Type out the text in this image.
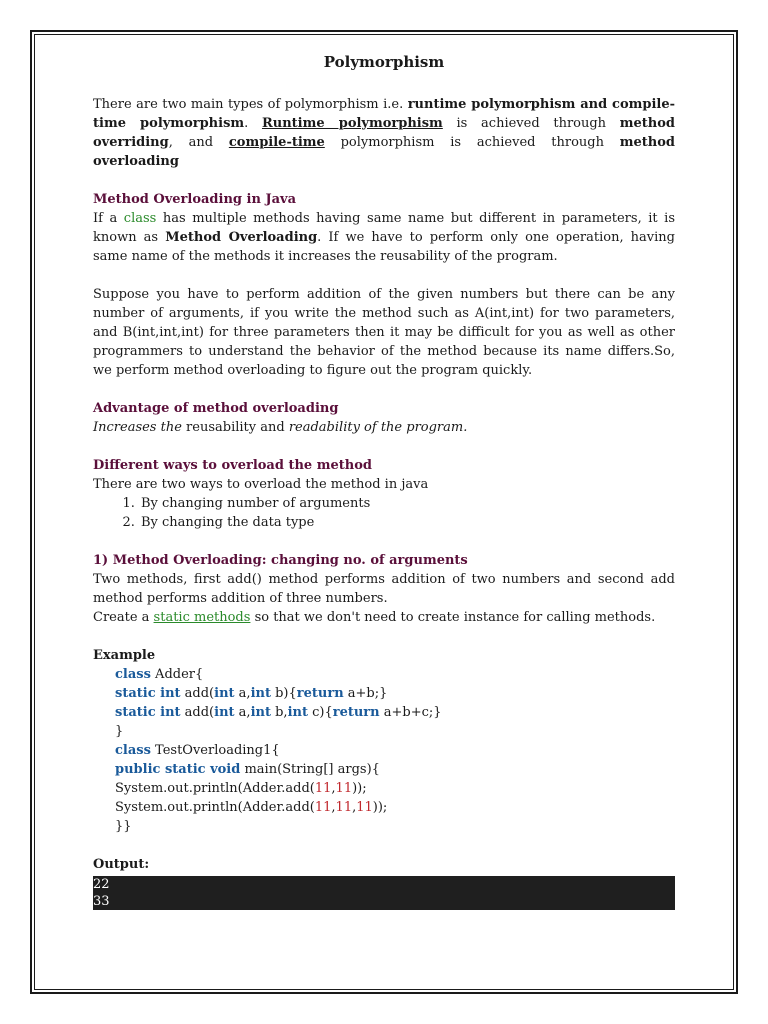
Polymorphism

There are two main types of polymorphism i.e. runtime polymorphism and compile-time polymorphism. Runtime polymorphism is achieved through method overriding, and compile-time polymorphism is achieved through method overloading

Method Overloading in Java

If a class has multiple methods having same name but different in parameters, it is known as Method Overloading. If we have to perform only one operation, having same name of the methods it increases the reusability of the program.

Suppose you have to perform addition of the given numbers but there can be any number of arguments, if you write the method such as A(int,int) for two parameters, and B(int,int,int) for three parameters then it may be difficult for you as well as other programmers to understand the behavior of the method because its name differs.So, we perform method overloading to figure out the program quickly.

Advantage of method overloading

Increases the reusability and readability of the program.

Different ways to overload the method

There are two ways to overload the method in java

1. By changing number of arguments
2. By changing the data type
1) Method Overloading: changing no. of arguments

Two methods, first add() method performs addition of two numbers and second add method performs addition of three numbers.

Create a static methods so that we don't need to create instance for calling methods.

Example
class Adder{
static int add(int a,int b){return a+b;}
static int add(int a,int b,int c){return a+b+c;}
}
class TestOverloading1{
public static void main(String[] args){
System.out.println(Adder.add(11,11));
System.out.println(Adder.add(11,11,11));
}}
Output:
22
33
